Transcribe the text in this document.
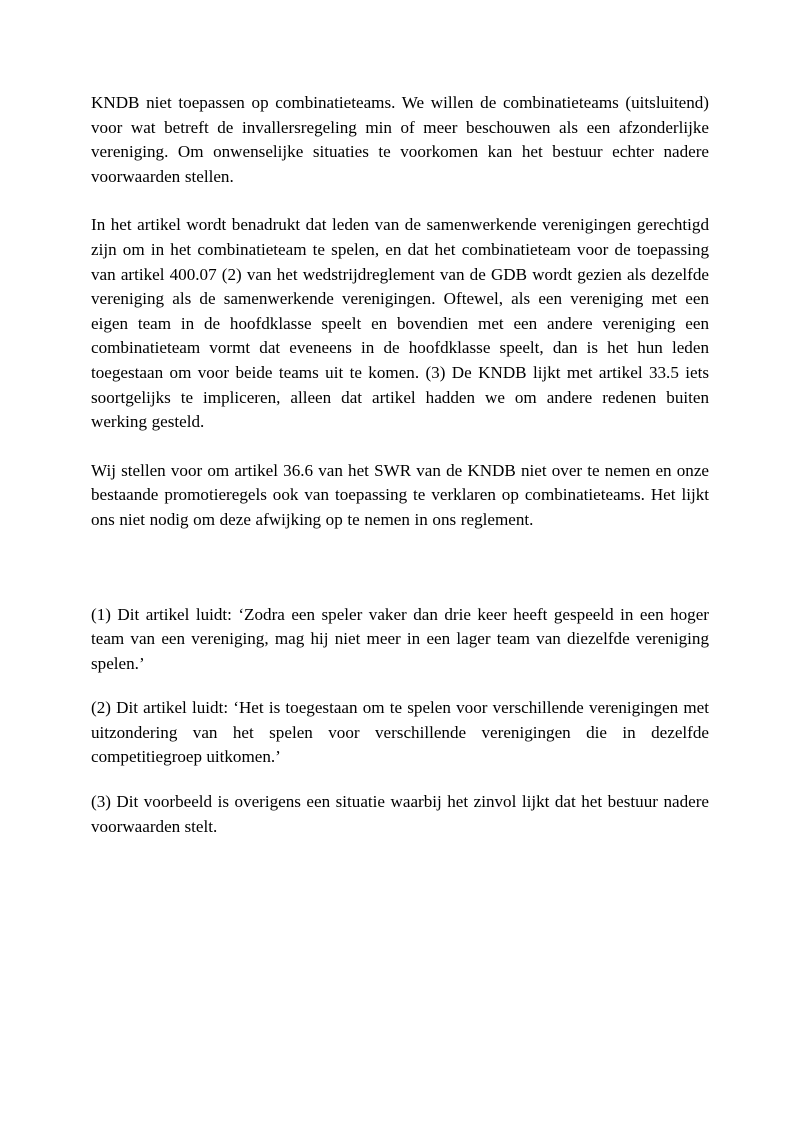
KNDB niet toepassen op combinatieteams. We willen de combinatieteams (uitsluitend) voor wat betreft de invallersregeling min of meer beschouwen als een afzonderlijke vereniging. Om onwenselijke situaties te voorkomen kan het bestuur echter nadere voorwaarden stellen.

In het artikel wordt benadrukt dat leden van de samenwerkende verenigingen gerechtigd zijn om in het combinatieteam te spelen, en dat het combinatieteam voor de toepassing van artikel 400.07 (2) van het wedstrijdreglement van de GDB wordt gezien als dezelfde vereniging als de samenwerkende verenigingen. Oftewel, als een vereniging met een eigen team in de hoofdklasse speelt en bovendien met een andere vereniging een combinatieteam vormt dat eveneens in de hoofdklasse speelt, dan is het hun leden toegestaan om voor beide teams uit te komen. (3) De KNDB lijkt met artikel 33.5 iets soortgelijks te impliceren, alleen dat artikel hadden we om andere redenen buiten werking gesteld.

Wij stellen voor om artikel 36.6 van het SWR van de KNDB niet over te nemen en onze bestaande promotieregels ook van toepassing te verklaren op combinatieteams. Het lijkt ons niet nodig om deze afwijking op te nemen in ons reglement.

(1) Dit artikel luidt: ‘Zodra een speler vaker dan drie keer heeft gespeeld in een hoger team van een vereniging, mag hij niet meer in een lager team van diezelfde vereniging spelen.’

(2) Dit artikel luidt: ‘Het is toegestaan om te spelen voor verschillende verenigingen met uitzondering van het spelen voor verschillende verenigingen die in dezelfde competitiegroep uitkomen.’

(3) Dit voorbeeld is overigens een situatie waarbij het zinvol lijkt dat het bestuur nadere voorwaarden stelt.
